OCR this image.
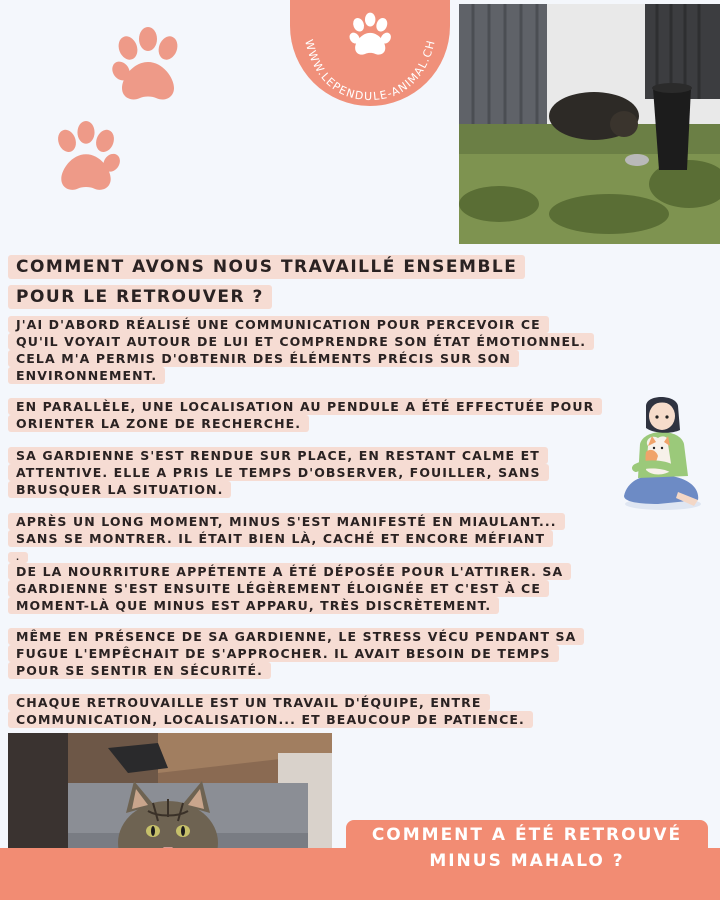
WWW.LEPENDULE-ANIMAL.CH
COMMENT AVONS NOUS TRAVAILLÉ ENSEMBLE
POUR LE RETROUVER ?
J'AI D'ABORD RÉALISÉ UNE COMMUNICATION POUR PERCEVOIR CE
QU'IL VOYAIT AUTOUR DE LUI ET COMPRENDRE SON ÉTAT ÉMOTIONNEL.
CELA M'A PERMIS D'OBTENIR DES ÉLÉMENTS PRÉCIS SUR SON
ENVIRONNEMENT.
EN PARALLÈLE, UNE LOCALISATION AU PENDULE A ÉTÉ EFFECTUÉE POUR
ORIENTER LA ZONE DE RECHERCHE.
SA GARDIENNE S'EST RENDUE SUR PLACE, EN RESTANT CALME ET
ATTENTIVE. ELLE A PRIS LE TEMPS D'OBSERVER, FOUILLER, SANS
BRUSQUER LA SITUATION.
APRÈS UN LONG MOMENT, MINUS S'EST MANIFESTÉ EN MIAULANT...
SANS SE MONTRER. IL ÉTAIT BIEN LÀ, CACHÉ ET ENCORE MÉFIANT
.
DE LA NOURRITURE APPÉTENTE A ÉTÉ DÉPOSÉE POUR L'ATTIRER. SA
GARDIENNE S'EST ENSUITE LÉGÈREMENT ÉLOIGNÉE ET C'EST À CE
MOMENT-LÀ QUE MINUS EST APPARU, TRÈS DISCRÈTEMENT.
MÊME EN PRÉSENCE DE SA GARDIENNE, LE STRESS VÉCU PENDANT SA
FUGUE L'EMPÊCHAIT DE S'APPROCHER. IL AVAIT BESOIN DE TEMPS
POUR SE SENTIR EN SÉCURITÉ.
CHAQUE RETROUVAILLE EST UN TRAVAIL D'ÉQUIPE, ENTRE
COMMUNICATION, LOCALISATION... ET BEAUCOUP DE PATIENCE.
COMMENT A ÉTÉ RETROUVÉ
MINUS MAHALO ?
